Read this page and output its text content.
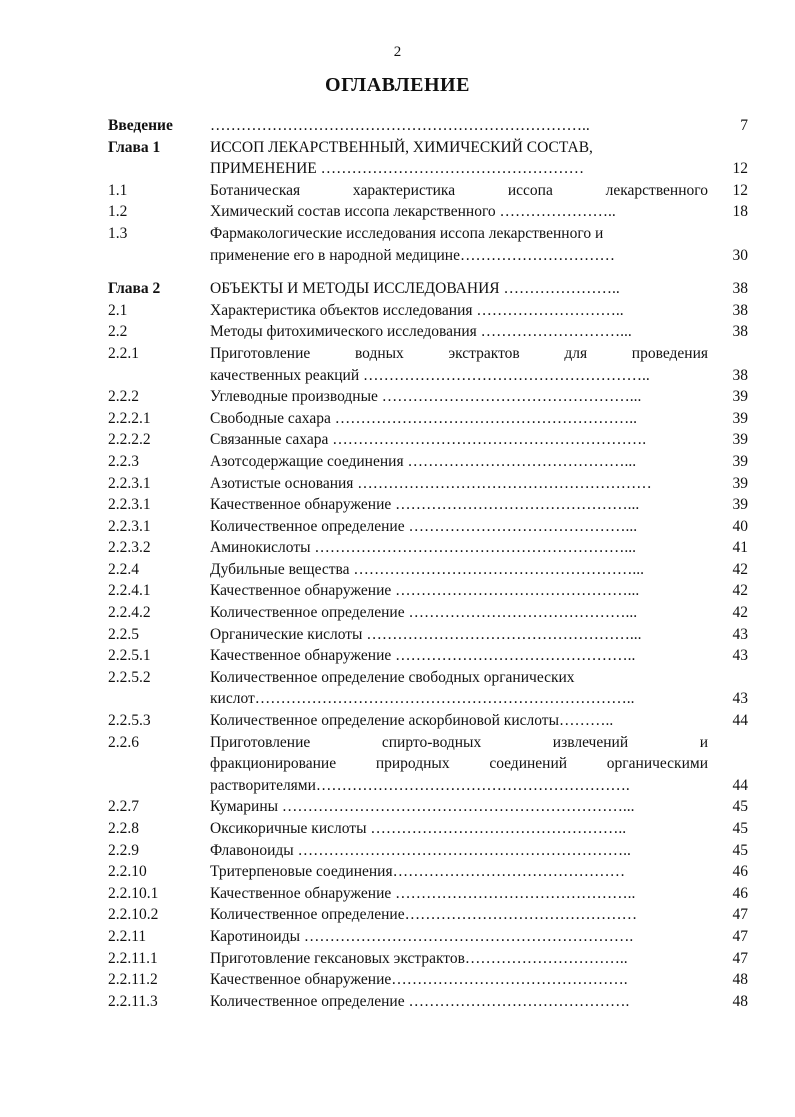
2
ОГЛАВЛЕНИЕ
Введение	………………………………………………………………..	7
Глава 1	ИССОП ЛЕКАРСТВЕННЫЙ, ХИМИЧЕСКИЙ СОСТАВ,
ПРИМЕНЕНИЕ ……………………………………………	12
1.1	Ботаническая характеристика иссопа лекарственного	12
1.2	Химический состав иссопа лекарственного …………………..	18
1.3	Фармакологические исследования иссопа лекарственного и
применение его в народной медицине…………………………	30
Глава 2	ОБЪЕКТЫ И МЕТОДЫ ИССЛЕДОВАНИЯ …………………..	38
2.1	Характеристика объектов исследования ………………………..	38
2.2	Методы фитохимического исследования ………………………...	38
2.2.1	Приготовление водных экстрактов для проведения
качественных реакций ………………………………………………..	38
2.2.2	Углеводные производные …………………………………………...	39
2.2.2.1	Свободные сахара …………………………………………………..	39
2.2.2.2	Связанные сахара …………………………………………………….	39
2.2.3	Азотсодержащие соединения ……………………………………...	39
2.2.3.1	Азотистые основания …………………………………………………	39
2.2.3.1	Качественное обнаружение ………………………………………...	39
2.2.3.1	Количественное определение ……………………………………...	40
2.2.3.2	Аминокислоты ……………………………………………………...	41
2.2.4	Дубильные вещества ………………………………………………...	42
2.2.4.1	Качественное обнаружение ………………………………………...	42
2.2.4.2	Количественное определение ……………………………………...	42
2.2.5	Органические кислоты ……………………………………………...	43
2.2.5.1	Качественное обнаружение ………………………………………..	43
2.2.5.2	Количественное определение свободных органических
кислот………………………………………………………………..	43
2.2.5.3	Количественное определение аскорбиновой кислоты………..	44
2.2.6	Приготовление спирто-водных извлечений и
фракционирование природных соединений органическими
растворителями…………………………………………………….	44
2.2.7	Кумарины …………………………………………………………...	45
2.2.8	Оксикоричные кислоты …………………………………………..	45
2.2.9	Флавоноиды ………………………………………………………..	45
2.2.10	Тритерпеновые соединения………………………………………	46
2.2.10.1	Качественное обнаружение ………………………………………..	46
2.2.10.2	Количественное определение………………………………………	47
2.2.11	Каротиноиды ……………………………………………………….	47
2.2.11.1	Приготовление гексановых экстрактов…………………………..	47
2.2.11.2	Качественное обнаружение……………………………………….	48
2.2.11.3	Количественное определение …………………………………….	48
